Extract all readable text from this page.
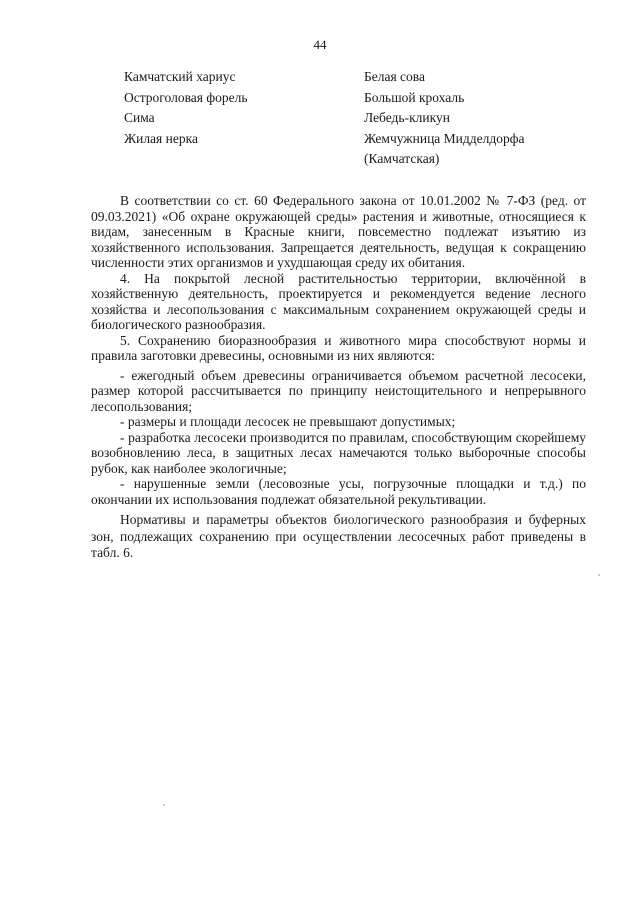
44
Камчатский хариус
Остроголовая форель
Сима
Жилая нерка
Белая сова
Большой крохаль
Лебедь-кликун
Жемчужница Мидделдорфа
(Камчатская)

В соответствии со ст. 60 Федерального закона от 10.01.2002 № 7-ФЗ (ред. от 09.03.2021) «Об охране окружающей среды» растения и животные, относящиеся к видам, занесенным в Красные книги, повсеместно подлежат изъятию из хозяйственного использования. Запрещается деятельность, ведущая к сокращению численности этих организмов и ухудшающая среду их обитания.

4. На покрытой лесной растительностью территории, включённой в хозяйственную деятельность, проектируется и рекомендуется ведение лесного хозяйства и лесопользования с максимальным сохранением окружающей среды и биологического разнообразия.

5. Сохранению биоразнообразия и животного мира способствуют нормы и правила заготовки древесины, основными из них являются:

- ежегодный объем древесины ограничивается объемом расчетной лесосеки, размер которой рассчитывается по принципу неистощительного и непрерывного лесопользования;

- размеры и площади лесосек не превышают допустимых;

- разработка лесосеки производится по правилам, способствующим скорейшему возобновлению леса, в защитных лесах намечаются только выборочные способы рубок, как наиболее экологичные;

- нарушенные земли (лесовозные усы, погрузочные площадки и т.д.) по окончании их использования подлежат обязательной рекультивации.

Нормативы и параметры объектов биологического разнообразия и буферных зон, подлежащих сохранению при осуществлении лесосечных работ приведены в табл. 6.
